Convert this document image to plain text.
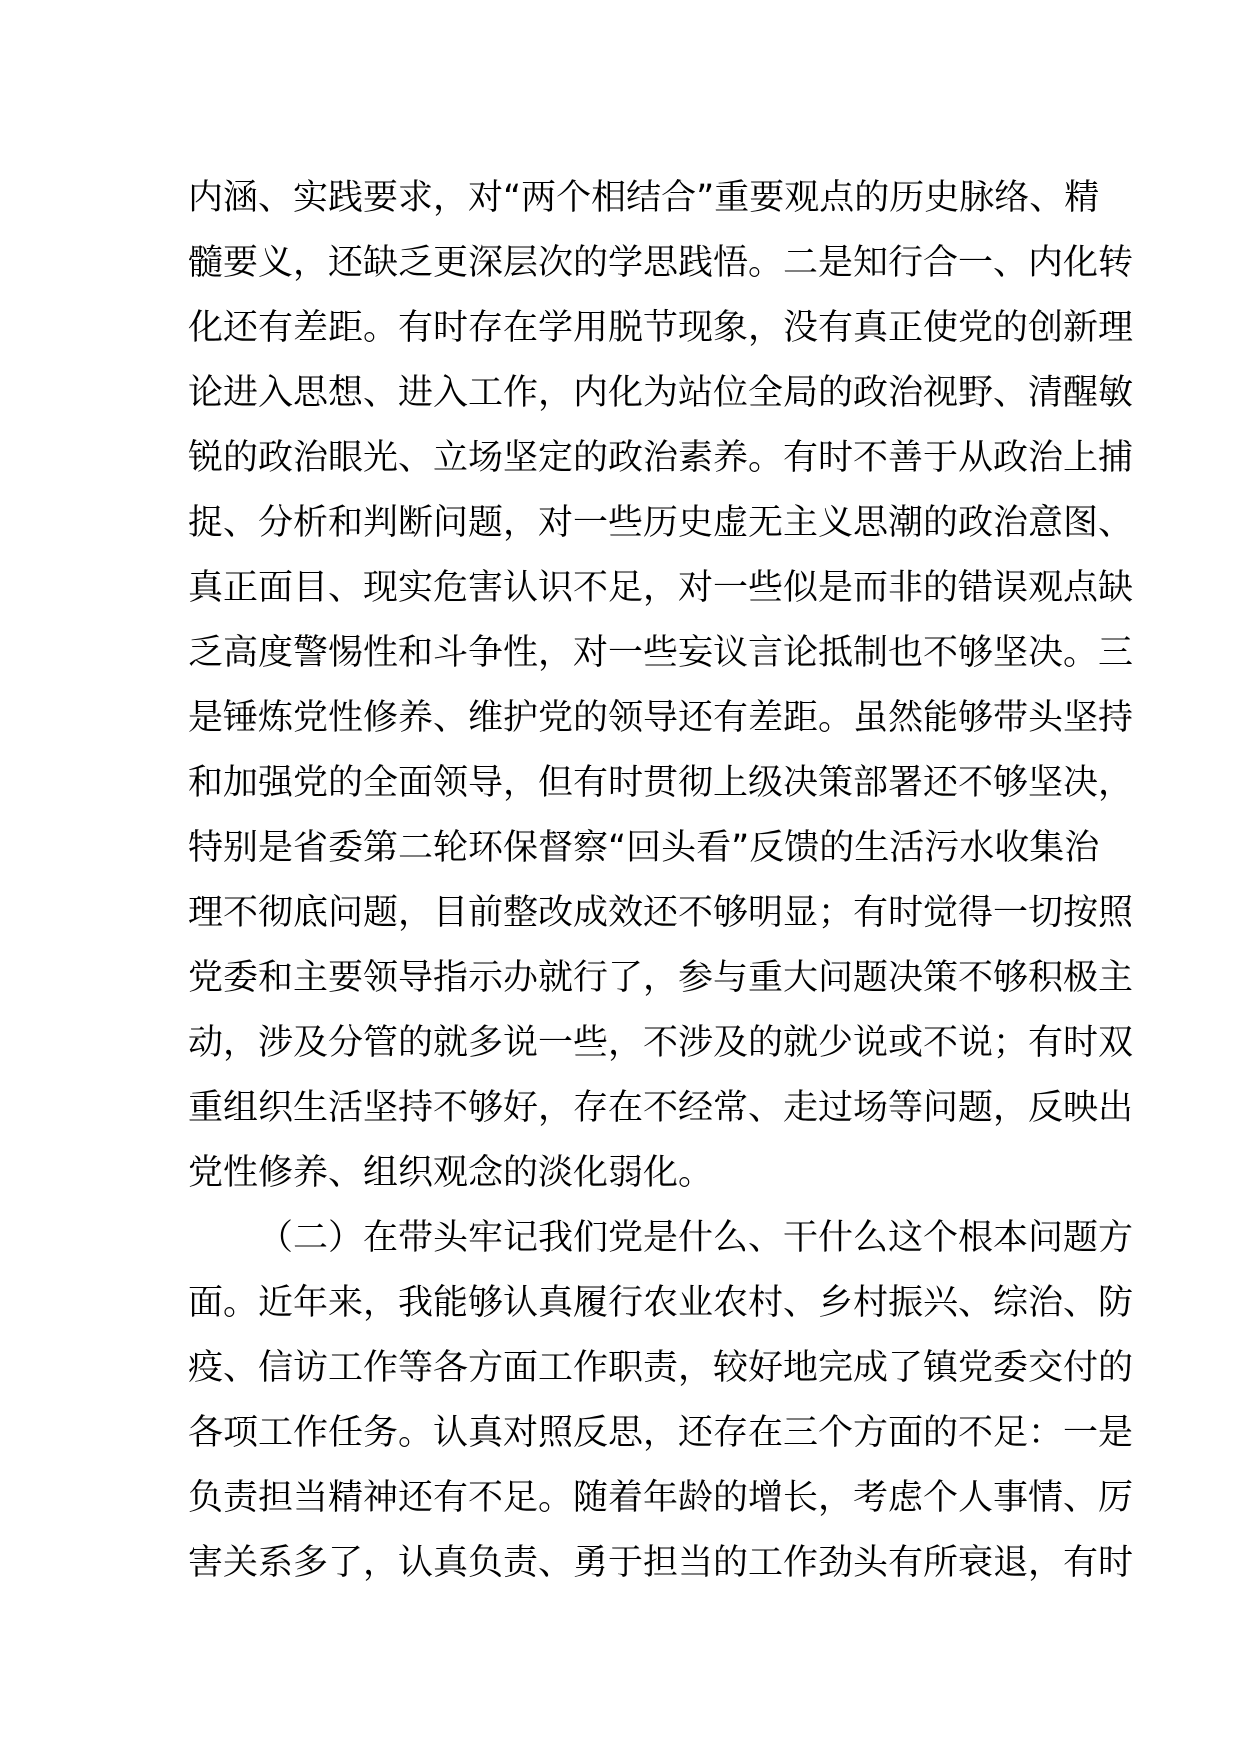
内涵、实践要求，对“两个相结合”重要观点的历史脉络、精
髓要义，还缺乏更深层次的学思践悟。二是知行合一、内化转
化还有差距。有时存在学用脱节现象，没有真正使党的创新理
论进入思想、进入工作，内化为站位全局的政治视野、清醒敏
锐的政治眼光、立场坚定的政治素养。有时不善于从政治上捕
捉、分析和判断问题，对一些历史虚无主义思潮的政治意图、
真正面目、现实危害认识不足，对一些似是而非的错误观点缺
乏高度警惕性和斗争性，对一些妄议言论抵制也不够坚决。三
是锤炼党性修养、维护党的领导还有差距。虽然能够带头坚持
和加强党的全面领导，但有时贯彻上级决策部署还不够坚决，
特别是省委第二轮环保督察“回头看”反馈的生活污水收集治
理不彻底问题，目前整改成效还不够明显；有时觉得一切按照
党委和主要领导指示办就行了，参与重大问题决策不够积极主
动，涉及分管的就多说一些，不涉及的就少说或不说；有时双
重组织生活坚持不够好，存在不经常、走过场等问题，反映出
党性修养、组织观念的淡化弱化。
（二）在带头牢记我们党是什么、干什么这个根本问题方
面。近年来，我能够认真履行农业农村、乡村振兴、综治、防
疫、信访工作等各方面工作职责，较好地完成了镇党委交付的
各项工作任务。认真对照反思，还存在三个方面的不足：一是
负责担当精神还有不足。随着年龄的增长，考虑个人事情、厉
害关系多了，认真负责、勇于担当的工作劲头有所衰退，有时
